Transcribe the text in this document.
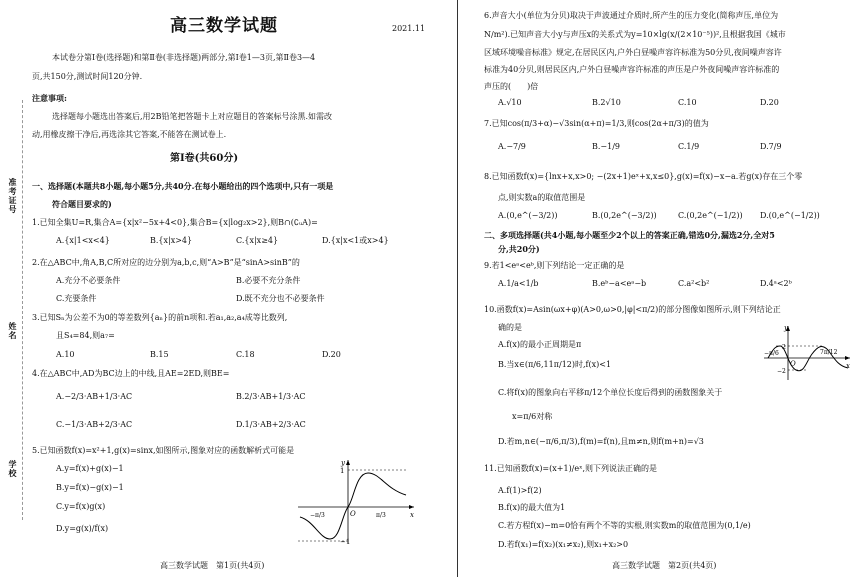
准考证号
姓名
学校
高三数学试题	2021.11
本试卷分第Ⅰ卷(选择题)和第Ⅱ卷(非选择题)两部分,第Ⅰ卷1—3页,第Ⅱ卷3—4
页,共150分,测试时间120分钟.
注意事项:
选择题每小题选出答案后,用2B铅笔把答题卡上对应题目的答案标号涂黑.如需改
动,用橡皮擦干净后,再选涂其它答案,不能答在测试卷上.
第Ⅰ卷(共60分)
一、选择题(本题共8小题,每小题5分,共40分.在每小题给出的四个选项中,只有一项是
符合题目要求的)
1.已知全集U=R,集合A={x|x²−5x+4<0},集合B={x|log₂x>2},则B∩(∁ᵤA)=
A.{x|1<x<4}	B.{x|x>4}	C.{x|x≥4}	D.{x|x<1或x>4}
2.在△ABC中,角A,B,C所对应的边分别为a,b,c,则“A>B”是“sinA>sinB”的
A.充分不必要条件	B.必要不充分条件
C.充要条件	D.既不充分也不必要条件
3.已知Sₙ为公差不为0的等差数列{aₙ}的前n项和.若a₁,a₂,a₄成等比数列,
且S₄=84,则a₇=
A.10	B.15	C.18	D.20
4.在△ABC中,AD为BC边上的中线,且AE=2ED,则BE=
A.−2/3·AB+1/3·AC	B.2/3·AB+1/3·AC
C.−1/3·AB+2/3·AC	D.1/3·AB+2/3·AC
5.已知函数f(x)=x²+1,g(x)=sinx,如图所示,图象对应的函数解析式可能是
A.y=f(x)+g(x)−1
B.y=f(x)−g(x)−1
C.y=f(x)g(x)
D.y=g(x)/f(x)
y
x
O
1
−1
−π/3	π/3
高三数学试题　第1页(共4页)
6.声音大小(单位为分贝)取决于声波通过介质时,所产生的压力变化(简称声压,单位为
N/m²).已知声音大小y与声压x的关系式为y=10×lg(x/(2×10⁻⁵))²,且根据我国《城市
区域环境噪音标准》规定,在居民区内,户外白昼噪声容许标准为50分贝,夜间噪声容许
标准为40分贝,则居民区内,户外白昼噪声容许标准的声压是户外夜间噪声容许标准的
声压的(　　)倍
A.√10	B.2√10	C.10	D.20
7.已知cos(π/3+α)−√3sin(α+π)=1/3,则cos(2α+π/3)的值为
A.−7/9	B.−1/9	C.1/9	D.7/9
8.已知函数f(x)={lnx+x,x>0; −(2x+1)eˣ+x,x≤0},g(x)=f(x)−x−a.若g(x)存在三个零
点,则实数a的取值范围是
A.(0,e^(−3/2))	B.(0,2e^(−3/2))	C.(0,2e^(−1/2)) D.(0,e^(−1/2))
二、多项选择题(共4小题,每小题至少2个以上的答案正确,错选0分,漏选2分,全对5
分,共20分)
9.若1<eᵃ<eᵇ,则下列结论一定正确的是
A.1/a<1/b	B.eᵇ−a<eᵃ−b	C.a²<b²	D.4ᵃ<2ᵇ
10.函数f(x)=Asin(ωx+φ)(A>0,ω>0,|φ|<π/2)的部分图像如图所示,则下列结论正
确的是
A.f(x)的最小正周期是π
B.当x∈(π/6,11π/12)时,f(x)<1
C.将f(x)的图象向右平移π/12个单位长度后得到的函数图象关于
x=π/6对称
D.若m,n∈(−π/6,π/3),f(m)=f(n),且m≠n,则f(m+n)=√3
y
x
O
−π/6	7π/12
2
−2
11.已知函数f(x)=(x+1)/eˣ,则下列说法正确的是
A.f(1)>f(2)
B.f(x)的最大值为1
C.若方程f(x)−m=0恰有两个不等的实根,则实数m的取值范围为(0,1/e)
D.若f(x₁)=f(x₂)(x₁≠x₂),则x₁+x₂>0
高三数学试题　第2页(共4页)
